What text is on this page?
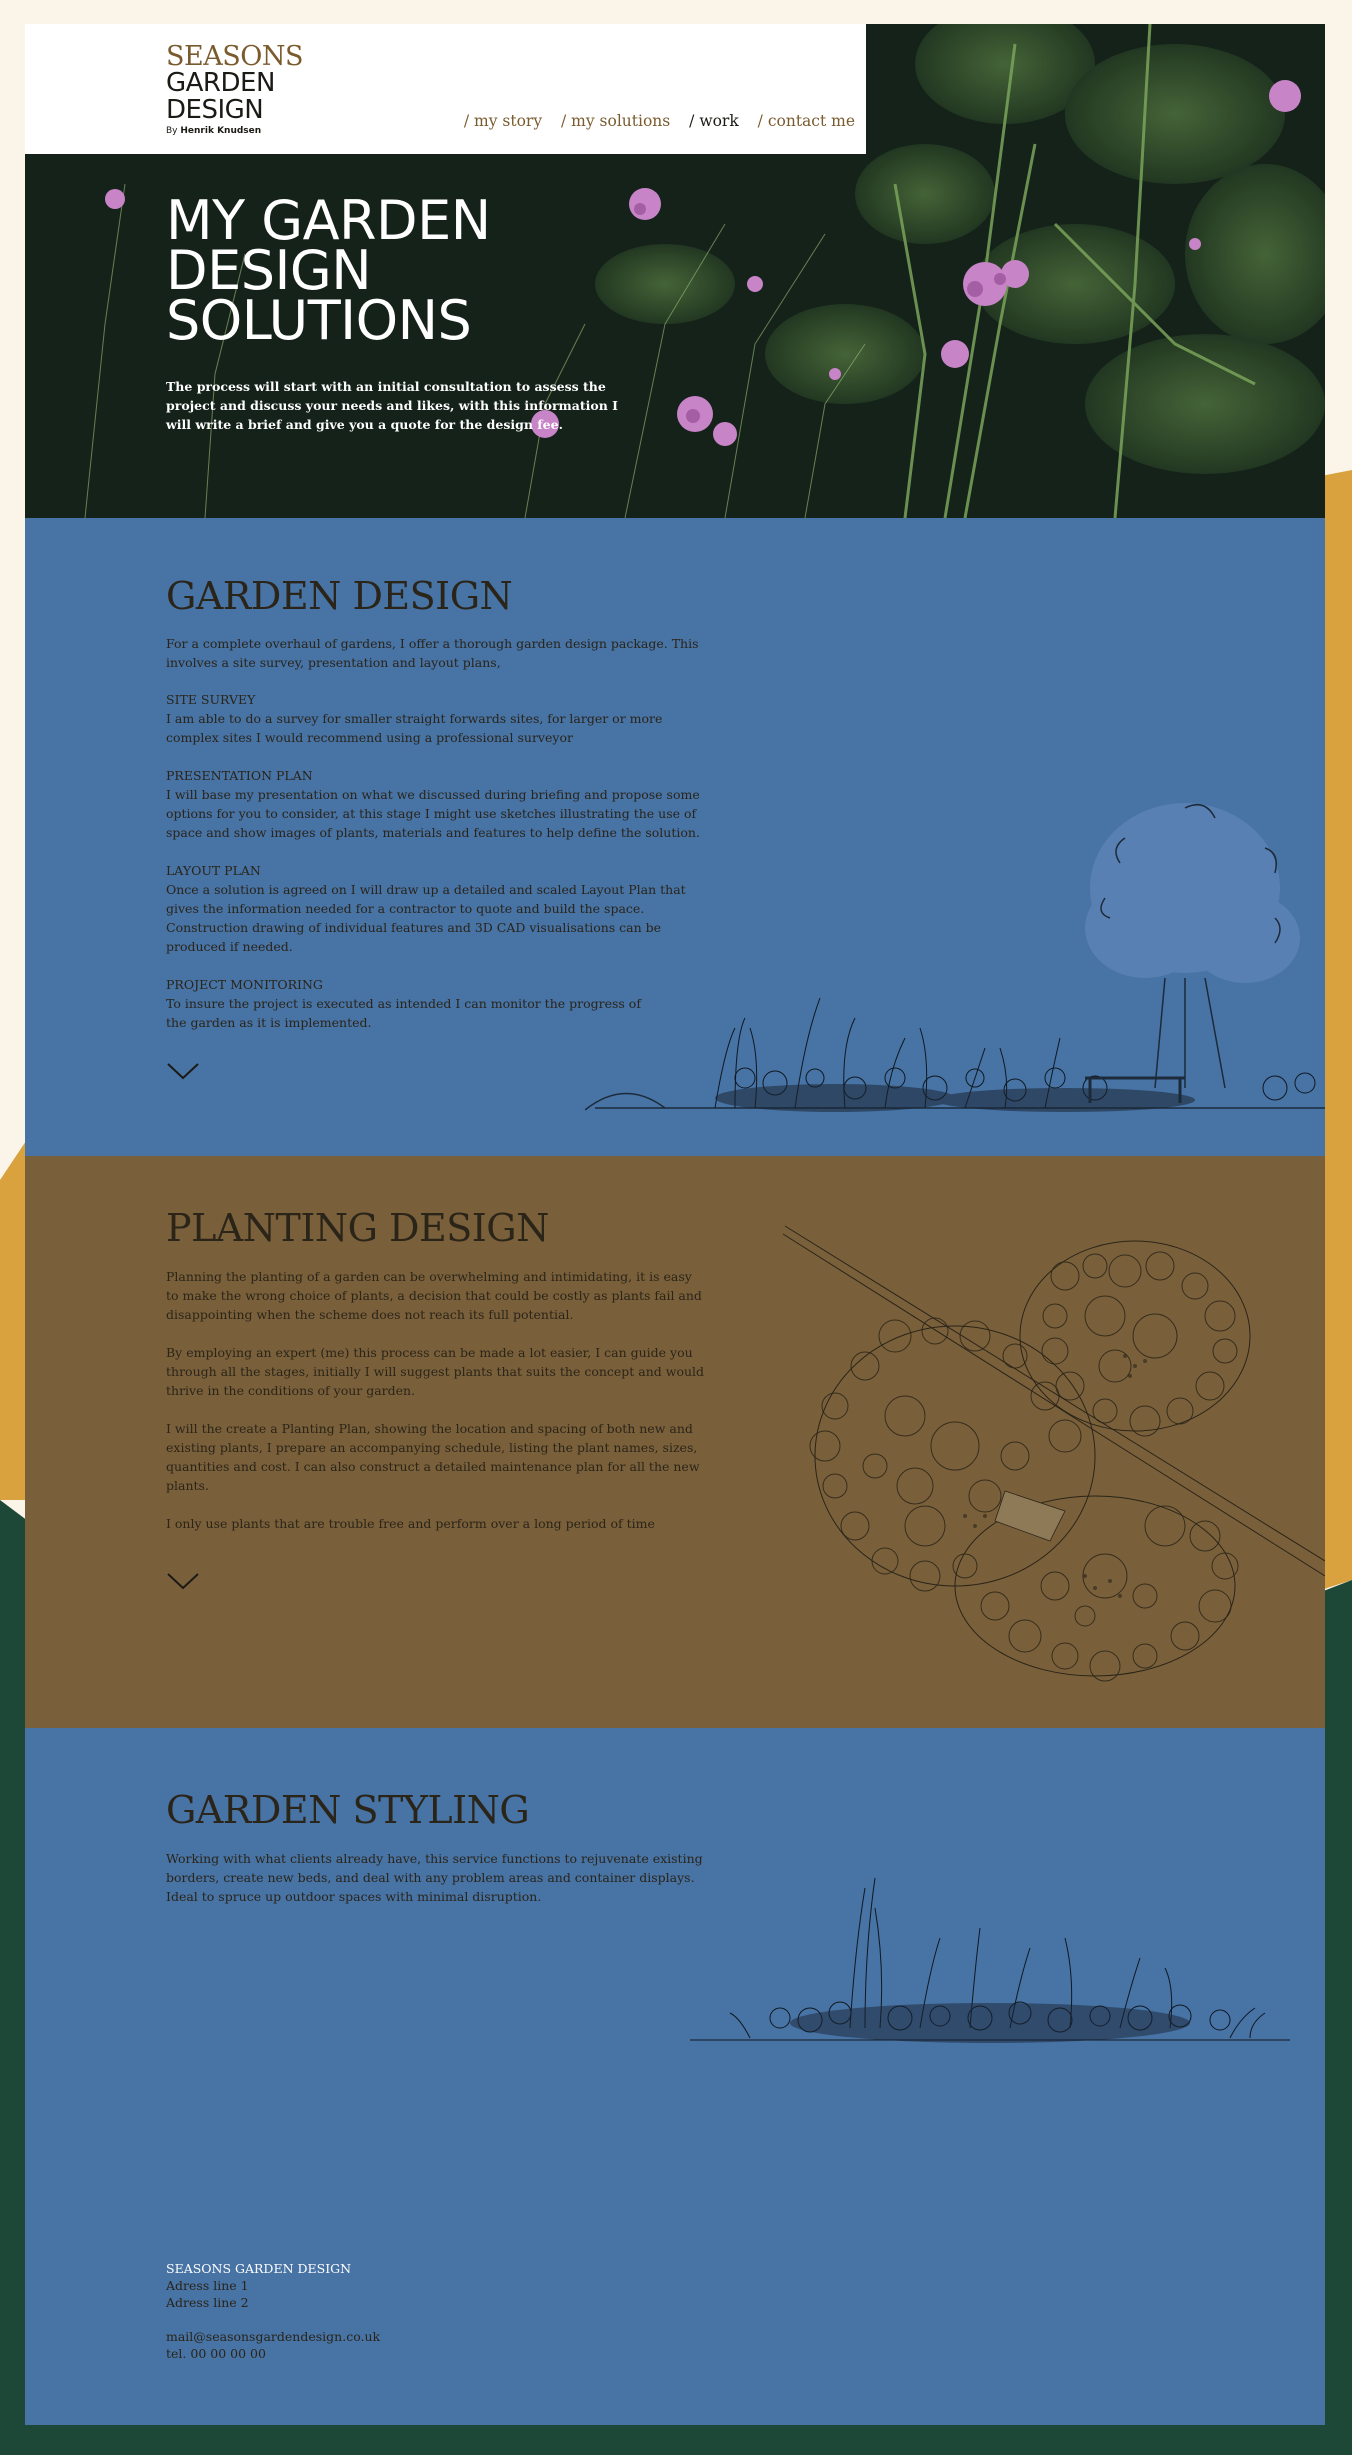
MY GARDEN
DESIGN
SOLUTIONS

The process will start with an initial consultation to assess the project and discuss your needs and likes, with this information I will write a brief and give you a quote for the design fee.

SEASONS
GARDEN
DESIGN
By Henrik Knudsen
/ my story / my solutions / work / contact me
GARDEN DESIGN

For a complete overhaul of gardens, I offer a thorough garden design package. This involves a site survey, presentation and layout plans,

SITE SURVEY
I am able to do a survey for smaller straight forwards sites, for larger or more complex sites I would recommend using a professional surveyor

PRESENTATION PLAN
I will base my presentation on what we discussed during briefing and propose some options for you to consider, at this stage I might use sketches illustrating the use of space and show images of plants, materials and features to help define the solution.

LAYOUT PLAN
Once a solution is agreed on I will draw up a detailed and scaled Layout Plan that gives the information needed for a contractor to quote and build the space. Construction drawing of individual features and 3D CAD visualisations can be produced if needed.

PROJECT MONITORING
To insure the project is executed as intended I can monitor the progress of the garden as it is implemented.

PLANTING DESIGN

Planning the planting of a garden can be overwhelming and intimidating, it is easy to make the wrong choice of plants, a decision that could be costly as plants fail and disappointing when the scheme does not reach its full potential.

By employing an expert (me) this process can be made a lot easier, I can guide you through all the stages, initially I will suggest plants that suits the concept and would thrive in the conditions of your garden.

I will the create a Planting Plan, showing the location and spacing of both new and existing plants, I prepare an accompanying schedule, listing the plant names, sizes, quantities and cost. I can also construct a detailed maintenance plan for all the new plants.

I only use plants that are trouble free and perform over a long period of time

GARDEN STYLING

Working with what clients already have, this service functions to rejuvenate existing borders, create new beds, and deal with any problem areas and container displays. Ideal to spruce up outdoor spaces with minimal disruption.

SEASONS GARDEN DESIGN
Adress line 1
Adress line 2
mail@seasonsgardendesign.co.uk
tel. 00 00 00 00
